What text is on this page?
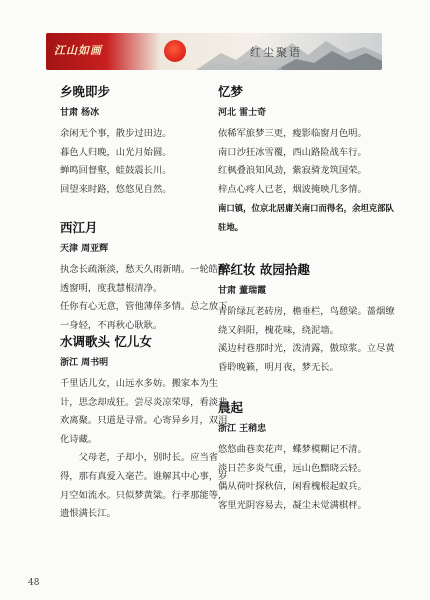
江山如画	红尘聚语
乡晚即步
甘肃 杨冰
余闲无个事，散步过田边。
暮色人归晚，山光月始圆。
蝉鸣回督壑，蛙鼓震长川。
回望来时路，悠悠见自然。
西江月
天津 周亚辉
执念长疏渐淡，愁天久雨新晴。一轮皓月透窗明，度我慧根清净。
任你有心无意，管他薄倖多情。总之放下一身轻，不再秋心耿耿。
水调歌头 忆儿女
浙江 周书明
千里话儿女，山远水多妨。搬家本为生计，思念却成狂。尝尽炎凉荣辱，看淡悲欢离聚。只道是寻常。心寄异乡月，双泪化诗藏。
父母老，子却小，别时长。应当省得，那有真爱入毫芒。谁解其中心事，岁月空如流水。只似梦黄粱。行孝那能等，遗恨满长江。
忆梦
河北 雷士奇
依稀军旅梦三更，瘦影临窗月色明。
南口沙狂冰雪覆，西山路险战车行。
红枫叠浪知风劲，紫寂骑龙筑国荣。
梓点心疼人已老，烟波掩映几多情。
南口镇，位京北居庸关南口而得名，余坦克部队驻地。
醉红妆 故园拾趣
甘肃 董瑞霞
青阶绿瓦老砖房，檐垂栏，鸟憩梁。蔷烟缭绕又斜阳，槐花味，绕泥墙。
溪边村巷那时光，泼清露，傲琼浆。立尽黄昏聆晚籁，明月夜，梦无长。
晨起
浙江 王稍忠
悠悠曲巷卖花声，蝶梦模糊记不清。
淡日芒多炎气重，远山色黯晓云轻。
偶从荷叶探秋信，闲看槐根起蚁兵。
客里光阴容易去，凝尘未觉满棋枰。
48
